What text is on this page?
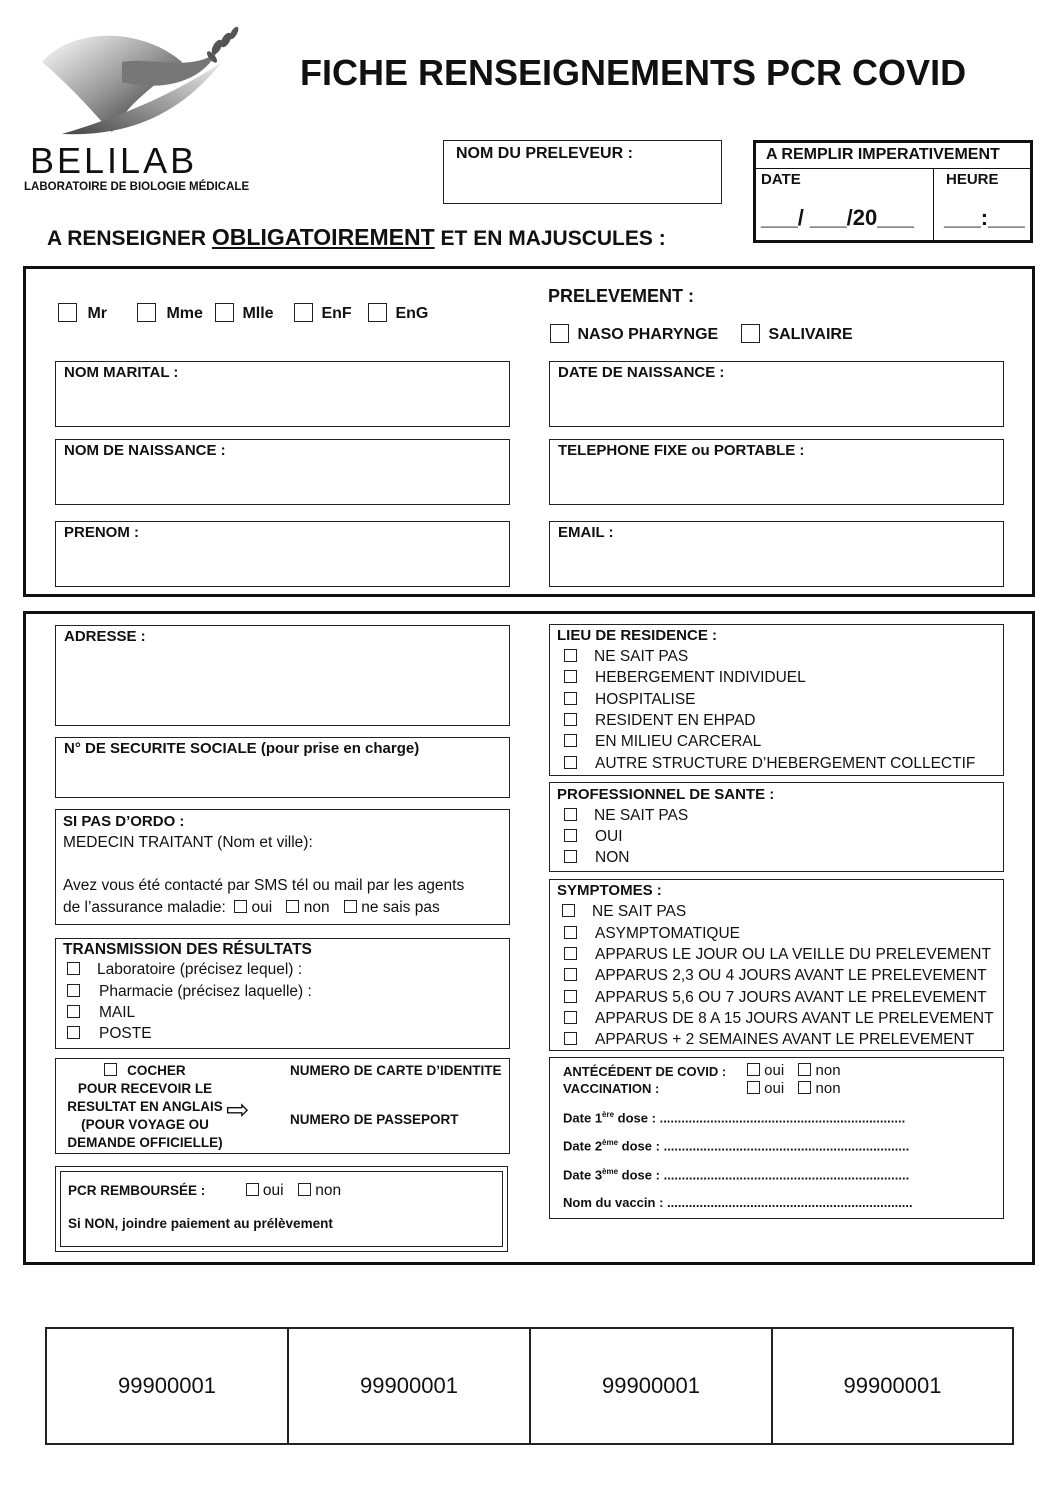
BELILAB
LABORATOIRE DE BIOLOGIE MÉDICALE
FICHE RENSEIGNEMENTS PCR COVID
NOM DU PRELEVEUR :	A REMPLIR IMPERATIVEMENT
DATE	HEURE
___/ ___/20___ ___:___
A RENSEIGNER OBLIGATOIREMENT ET EN MAJUSCULES :
Mr	Mme	Mlle	EnF	EnG
PRELEVEMENT :
NASO PHARYNGE	SALIVAIRE
NOM MARITAL :	DATE DE NAISSANCE :
NOM DE NAISSANCE :	TELEPHONE FIXE ou PORTABLE :
PRENOM :	EMAIL :
ADRESSE :
N° DE SECURITE SOCIALE (pour prise en charge)
SI PAS D’ORDO :
MEDECIN TRAITANT (Nom et ville):
Avez vous été contacté par SMS tél ou mail par les agents
de l’assurance maladie: oui non ne sais pas
TRANSMISSION DES RÉSULTATS
Laboratoire (précisez lequel) :
Pharmacie (précisez laquelle) :
MAIL
POSTE
COCHER
POUR RECEVOIR LE
RESULTAT EN ANGLAIS
(POUR VOYAGE OU
DEMANDE OFFICIELLE)
⇨
NUMERO DE CARTE D’IDENTITE
NUMERO DE PASSEPORT
PCR REMBOURSÉE :	oui non
Si NON, joindre paiement au prélèvement
LIEU DE RESIDENCE :
NE SAIT PAS
HEBERGEMENT INDIVIDUEL
HOSPITALISE
RESIDENT EN EHPAD
EN MILIEU CARCERAL
AUTRE STRUCTURE D’HEBERGEMENT COLLECTIF
PROFESSIONNEL DE SANTE :
NE SAIT PAS
OUI
NON
SYMPTOMES :
NE SAIT PAS
ASYMPTOMATIQUE
APPARUS LE JOUR OU LA VEILLE DU PRELEVEMENT
APPARUS 2,3 OU 4 JOURS AVANT LE PRELEVEMENT
APPARUS 5,6 OU 7 JOURS AVANT LE PRELEVEMENT
APPARUS DE 8 A 15 JOURS AVANT LE PRELEVEMENT
APPARUS + 2 SEMAINES AVANT LE PRELEVEMENT
ANTÉCÉDENT DE COVID :
VACCINATION :
oui non
oui non
Date 1ère dose : ....................................................................
Date 2ème dose : ....................................................................
Date 3ème dose : ....................................................................
Nom du vaccin : ....................................................................
99900001	99900001	99900001	99900001
